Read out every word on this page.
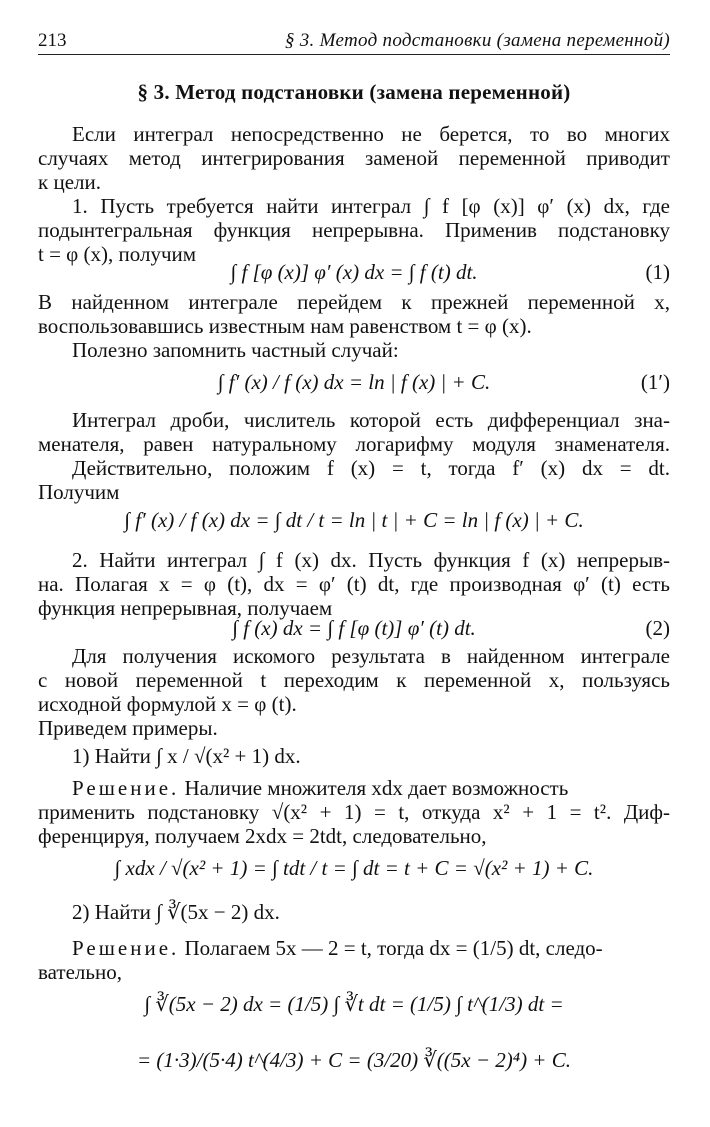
213	§ 3. Метод подстановки (замена переменной)
§ 3. Метод подстановки (замена переменной)
Если интеграл непосредственно не берется, то во многих
случаях метод интегрирования заменой переменной приводит
к цели.
1. Пусть требуется найти интеграл ∫ f [φ (x)] φ′ (x) dx, где
подынтегральная функция непрерывна. Применив подстановку
t = φ (x), получим
∫ f [φ (x)] φ′ (x) dx = ∫ f (t) dt.	(1)
В найденном интеграле перейдем к прежней переменной x,
воспользовавшись известным нам равенством t = φ (x).
Полезно запомнить частный случай:
∫ f′ (x) / f (x) dx = ln | f (x) | + C.	(1′)
Интеграл дроби, числитель которой есть дифференциал зна-
менателя, равен натуральному логарифму модуля знаменателя.
Действительно, положим f (x) = t, тогда f′ (x) dx = dt.
Получим
∫ f′ (x) / f (x) dx = ∫ dt / t = ln | t | + C = ln | f (x) | + C.
2. Найти интеграл ∫ f (x) dx. Пусть функция f (x) непрерыв-
на. Полагая x = φ (t), dx = φ′ (t) dt, где производная φ′ (t) есть
функция непрерывная, получаем
∫ f (x) dx = ∫ f [φ (t)] φ′ (t) dt.	(2)
Для получения искомого результата в найденном интеграле
с новой переменной t переходим к переменной x, пользуясь
исходной формулой x = φ (t).
Приведем примеры.
1) Найти ∫ x / √(x² + 1) dx.
Решение. Наличие множителя xdx дает возможность
применить подстановку √(x² + 1) = t, откуда x² + 1 = t². Диф-
ференцируя, получаем 2xdx = 2tdt, следовательно,
∫ xdx / √(x² + 1) = ∫ tdt / t = ∫ dt = t + C = √(x² + 1) + C.
2) Найти ∫ ∛(5x − 2) dx.
Решение. Полагаем 5x — 2 = t, тогда dx = (1/5) dt, следо-
вательно,
∫ ∛(5x − 2) dx = (1/5) ∫ ∛t dt = (1/5) ∫ t^(1/3) dt =
= (1·3)/(5·4) t^(4/3) + C = (3/20) ∛((5x − 2)⁴) + C.
